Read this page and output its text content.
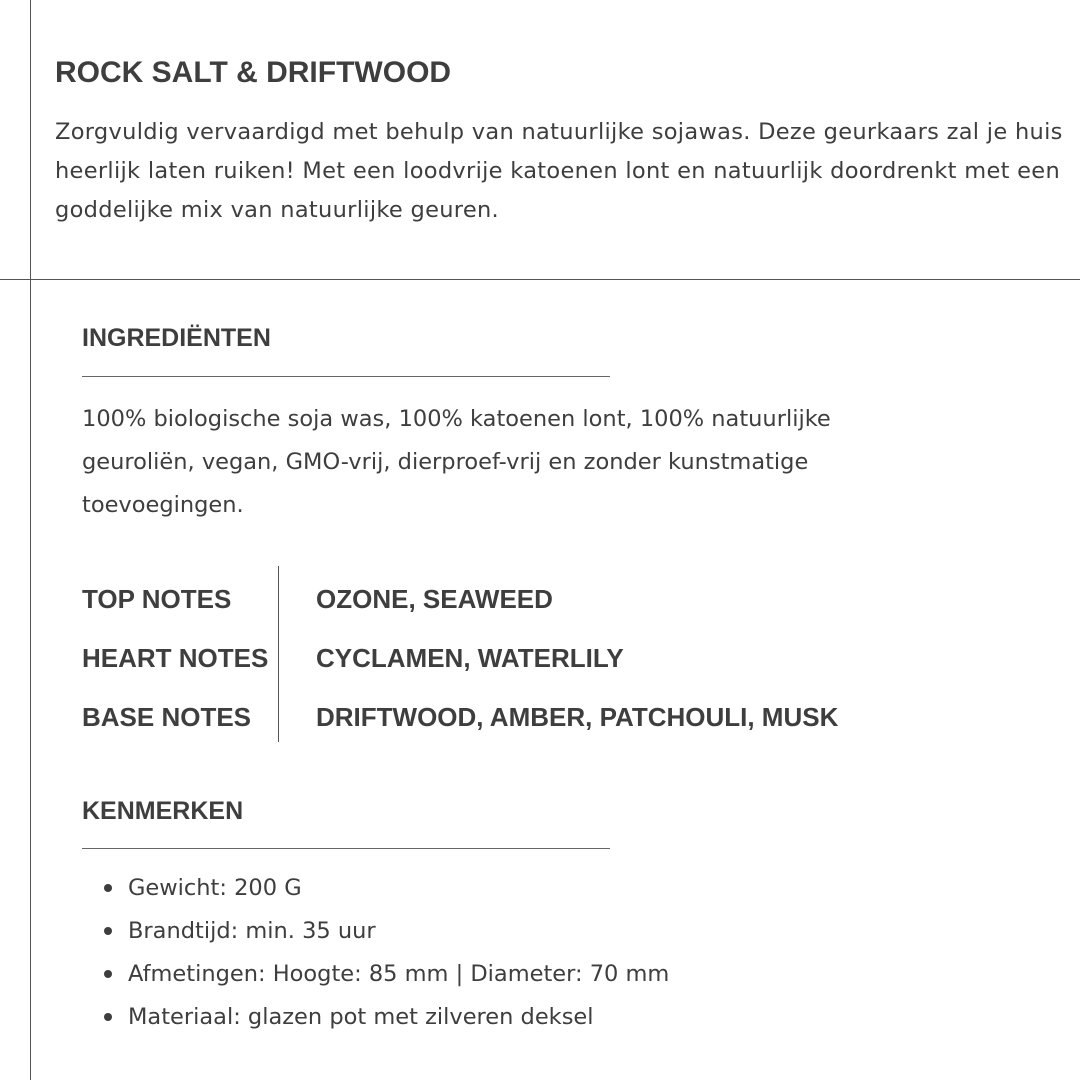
ROCK SALT & DRIFTWOOD

Zorgvuldig vervaardigd met behulp van natuurlijke sojawas. Deze geurkaars zal je huis heerlijk laten ruiken! Met een loodvrije katoenen lont en natuurlijk doordrenkt met een goddelijke mix van natuurlijke geuren.

INGREDIËNTEN

100% biologische soja was, 100% katoenen lont, 100% natuurlijke geuroliën, vegan, GMO-vrij, dierproef-vrij en zonder kunstmatige toevoegingen.

TOP NOTES	OZONE, SEAWEED
HEART NOTES CYCLAMEN, WATERLILY
BASE NOTES DRIFTWOOD, AMBER, PATCHOULI, MUSK
KENMERKEN
Gewicht: 200 G
Brandtijd: min. 35 uur
Afmetingen: Hoogte: 85 mm | Diameter: 70 mm
Materiaal: glazen pot met zilveren deksel
